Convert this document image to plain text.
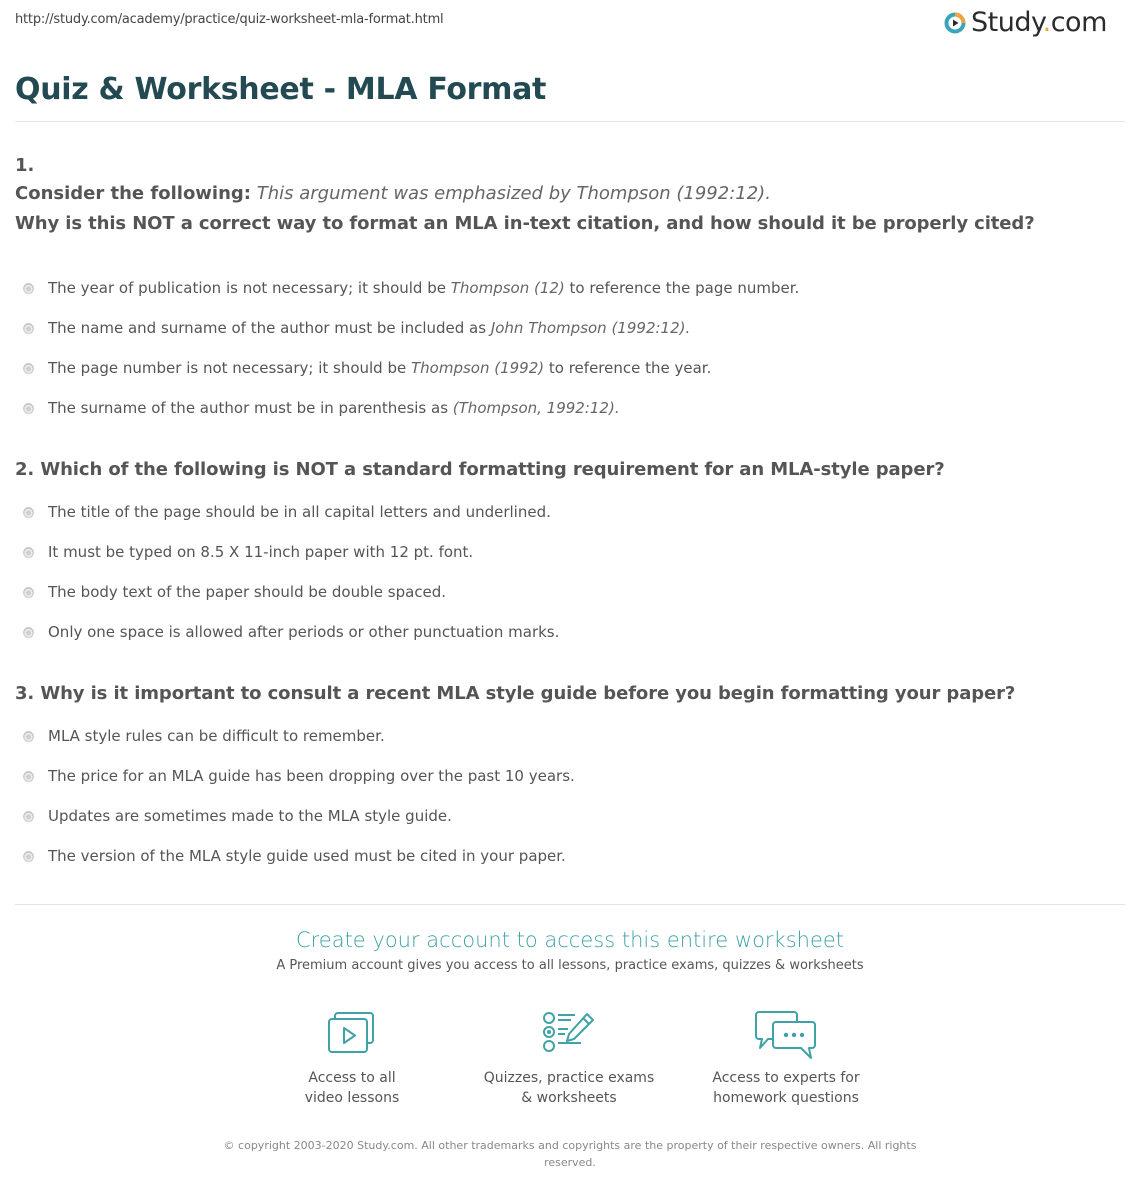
http://study.com/academy/practice/quiz-worksheet-mla-format.html	Study.com
Quiz & Worksheet - MLA Format
1.
Consider the following: This argument was emphasized by Thompson (1992:12).
Why is this NOT a correct way to format an MLA in-text citation, and how should it be properly cited?
The year of publication is not necessary; it should be Thompson (12) to reference the page number.
The name and surname of the author must be included as John Thompson (1992:12).
The page number is not necessary; it should be Thompson (1992) to reference the year.
The surname of the author must be in parenthesis as (Thompson, 1992:12).
2. Which of the following is NOT a standard formatting requirement for an MLA-style paper?
The title of the page should be in all capital letters and underlined.
It must be typed on 8.5 X 11-inch paper with 12 pt. font.
The body text of the paper should be double spaced.
Only one space is allowed after periods or other punctuation marks.
3. Why is it important to consult a recent MLA style guide before you begin formatting your paper?
MLA style rules can be difficult to remember.
The price for an MLA guide has been dropping over the past 10 years.
Updates are sometimes made to the MLA style guide.
The version of the MLA style guide used must be cited in your paper.
Create your account to access this entire worksheet
A Premium account gives you access to all lessons, practice exams, quizzes & worksheets
Access to all
video lessons
Quizzes, practice exams
& worksheets
Access to experts for
homework questions
© copyright 2003-2020 Study.com. All other trademarks and copyrights are the property of their respective owners. All rights reserved.
